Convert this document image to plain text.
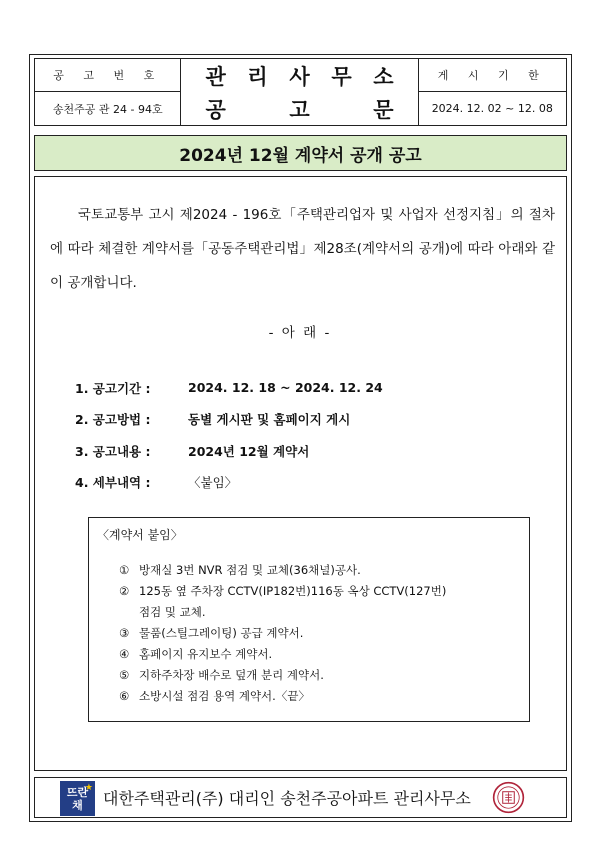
공 고 번 호
송천주공 관 24 - 94호
관 리 사 무 소
공	고	문
게 시 기 한
2024. 12. 02 ~ 12. 08
2024년 12월 계약서 공개 공고
국토교통부 고시 제2024 - 196호「주택관리업자 및 사업자 선정지침」의 절차에 따라 체결한 계약서를「공동주택관리법」제28조(계약서의 공개)에 따라 아래와 같이 공개합니다.
- 아 래 -
1. 공고기간 :	2024. 12. 18 ~ 2024. 12. 24
2. 공고방법 :	동별 게시판 및 홈페이지 게시
3. 공고내용 :	2024년 12월 계약서
4. 세부내역 :	〈붙임〉
〈계약서 붙임〉
① 방재실 3번 NVR 점검 및 교체(36채널)공사.
② 125동 옆 주차장 CCTV(IP182번)116동 옥상 CCTV(127번)
점검 및 교체.
③ 물품(스틸그레이팅) 공급 계약서.
④ 홈페이지 유지보수 계약서.
⑤ 지하주차장 배수로 덮개 분리 계약서.
⑥ 소방시설 점검 용역 계약서.〈끝〉
★
뜨란
채 대한주택관리(주) 대리인 송천주공아파트 관리사무소
